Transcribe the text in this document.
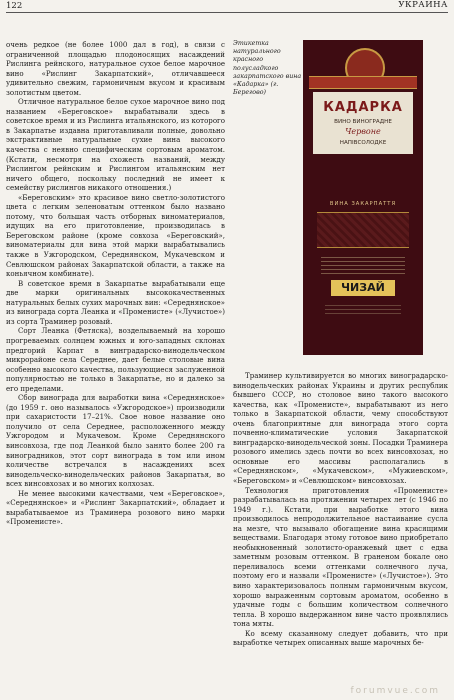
122	УКРАИНА

очень редкое (не более 1000 дал в год), в связи с ограниченной площадью плодоносящих насаждений Рислинга рейнского, натуральное сухое белое марочное вино «Рислинг Закарпатский», отличавшееся удивительно свежим, гармоничным вкусом и красивым золотистым цветом.

Отличное натуральное белое сухое марочное вино под названием «Береговское» вырабатывали здесь в советское время и из Рислинга итальянского, из которого в Закарпатье издавна приготавливали полные, довольно экстрактивные натуральные сухие вина высокого качества с неявно специфическим сортовым ароматом. (Кстати, несмотря на схожесть названий, между Рислингом рейнским и Рислингом итальянским нет ничего общего, поскольку последний не имеет к семейству рислингов никакого отношения.)

«Береговским» это красивое вино светло-золотистого цвета с легким зеленоватым оттенком было названо потому, что большая часть отборных виноматериалов, идущих на его приготовление, производилась в Береговском районе (кроме совхоза «Береговский», виноматериалы для вина этой марки вырабатывались также в Ужгородском, Середнянском, Мукачевском и Севлюшском районах Закарпатской области, а также на коньячном комбинате).

В советское время в Закарпатье вырабатывали еще две марки оригинальных высококачественных натуральных белых сухих марочных вин: «Середнянское» из винограда сорта Леанка и «Променисте» («Лучистое») из сорта Траминер розовый.

Сорт Леанка (Фетяска), возделываемый на хорошо прогреваемых солнцем южных и юго-западных склонах предгорий Карпат в винградарско-винодельческом микрорайоне села Середнее, дает белые столовые вина особенно высокого качества, пользующиеся заслуженной популярностью не только в Закарпатье, но и далеко за его пределами.

Сбор винограда для выработки вина «Середнянское» (до 1959 г. оно называлось «Ужгородское») производили при сахаристости 17–21%. Свое новое название оно получило от села Середнее, расположенного между Ужгородом и Мукачевом. Кроме Середнянского винсовхоза, где под Леанкой было занято более 200 га виноградников, этот сорт винограда в том или ином количестве встречался в насаждениях всех винодельческо-винодельческих районов Закарпатья, во всех винсовхозах и во многих колхозах.

Не менее высокими качествами, чем «Береговское», «Середнянское» и «Рислинг Закарпатский», обладает и вырабатываемое из Траминера розового вино марки «Променисте».

Этикетка натурального красного полусладкого закарпатского вина «Кадарка» (г. Берегово)
КАДАРКА
ВИНО ВИНОГРАДНЕ
Червоне
НАПІВСОЛОДКЕ
ВИНА ЗАКАРПАТТЯ
ЧИЗАЙ

Траминер культивируется во многих виноградарско-винодельческих районах Украины и других республик бывшего СССР, но столовое вино такого высокого качества, как «Променисте», вырабатывают из него только в Закарпатской области, чему способствуют очень благоприятные для винограда этого сорта почвенно-климатические условия Закарпатской винградарско-винодельческой зоны. Посадки Траминера розового имелись здесь почти во всех винсовхозах, но основные его массивы располагались в «Середнянском», «Мукачевском», «Мужиевском», «Береговском» и «Севлюшском» винсовхозах.

Технология приготовления «Променисте» разрабатывалась на протяжении четырех лет (с 1946 по 1949 г.). Кстати, при выработке этого вина производилось непродолжительное настаивание сусла на мезге, что вызывало обогащение вина красящими веществами. Благодаря этому готовое вино приобретало необыкновенный золотисто-оранжевый цвет с едва заметным розовым оттенком. В граненом бокале оно переливалось всеми оттенками солнечного луча, поэтому его и назвали «Променисте» («Лучистое»). Это вино характеризовалось полным гармоничным вкусом, хорошо выраженным сортовым ароматом, особенно в удачные годы с большим количеством солнечного тепла. В хорошо выдержанном вине часто проявлялись тона мяты.

Ко всему сказанному следует добавить, что при выработке четырех описанных выше марочных бе-

forumvue.com
